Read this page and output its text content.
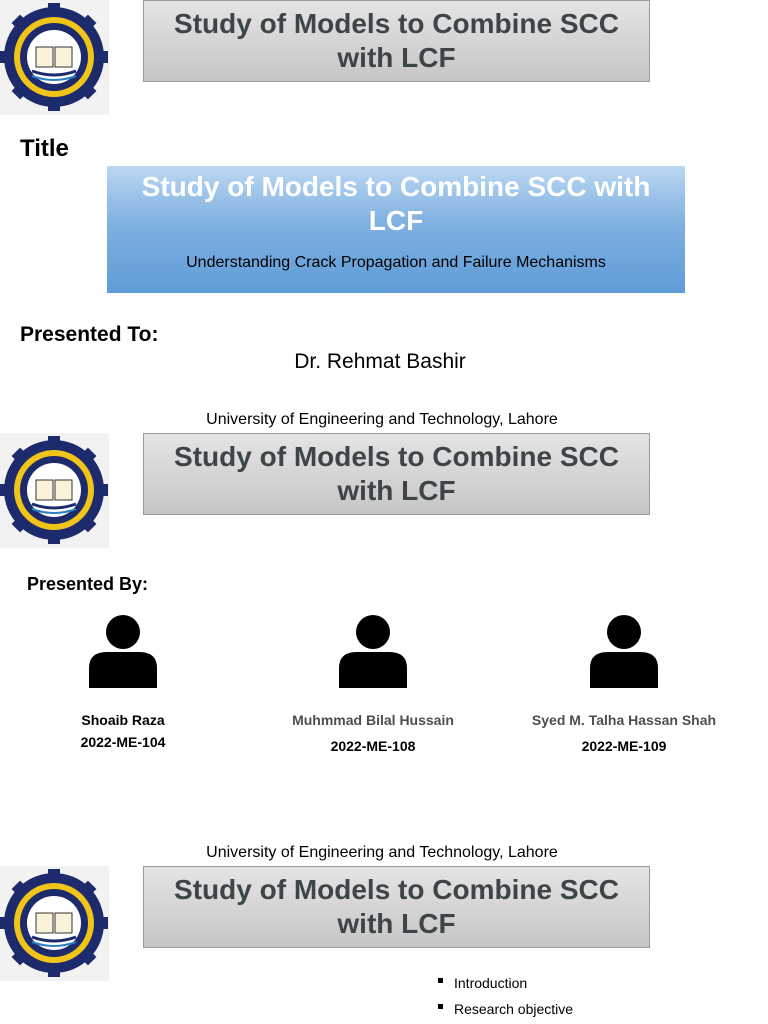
Study of Models to Combine SCC with LCF
Title
Study of Models to Combine SCC with LCF
Understanding Crack Propagation and Failure Mechanisms
Presented To:
Dr. Rehmat Bashir
University of Engineering and Technology, Lahore
Study of Models to Combine SCC with LCF
Presented By:
Shoaib Raza
2022-ME-104
Muhmmad Bilal Hussain
2022-ME-108
Syed M. Talha Hassan Shah
2022-ME-109
University of Engineering and Technology, Lahore
Study of Models to Combine SCC with LCF
Introduction
Research objective
